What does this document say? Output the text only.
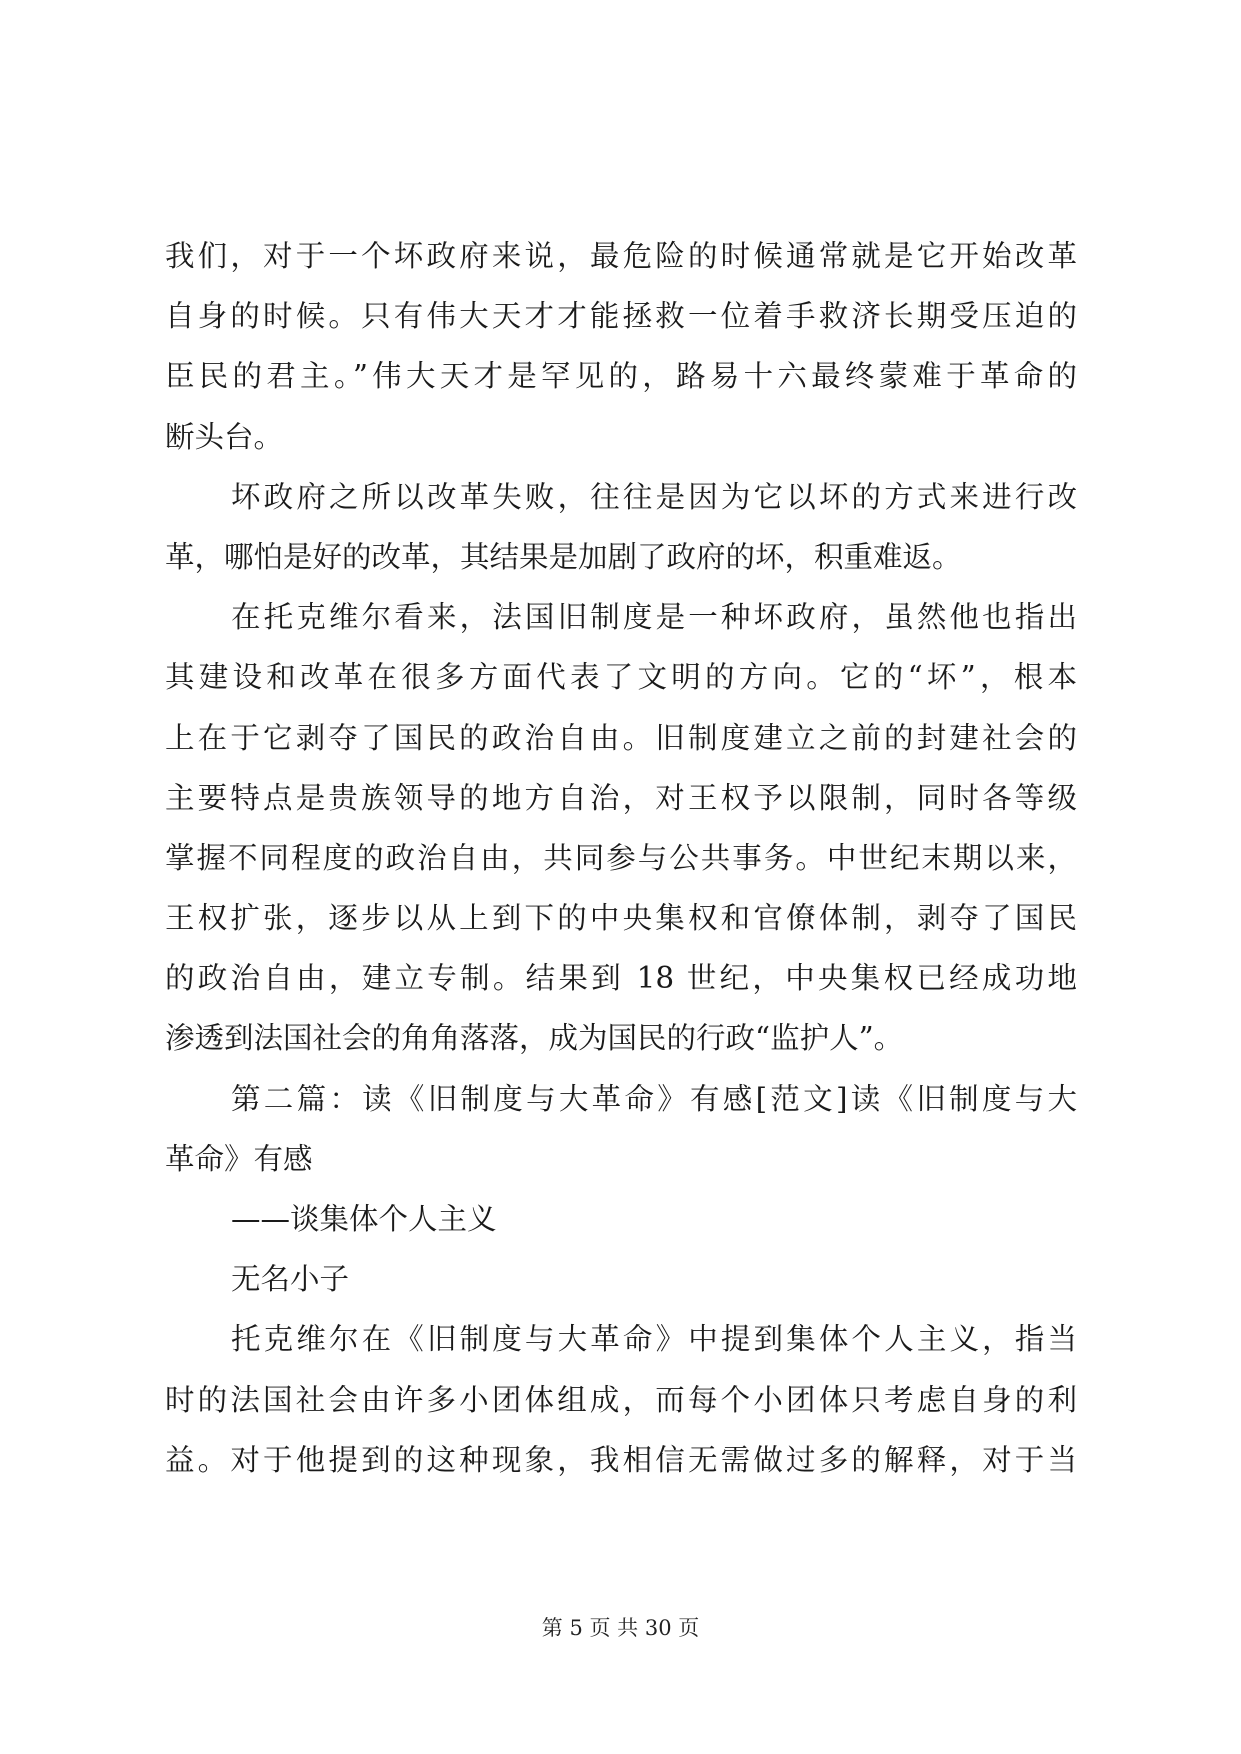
我们，对于一个坏政府来说，最危险的时候通常就是它开始改革
自身的时候。只有伟大天才才能拯救一位着手救济长期受压迫的
臣民的君主。”伟大天才是罕见的，路易十六最终蒙难于革命的
断头台。
坏政府之所以改革失败，往往是因为它以坏的方式来进行改
革，哪怕是好的改革，其结果是加剧了政府的坏，积重难返。
在托克维尔看来，法国旧制度是一种坏政府，虽然他也指出
其建设和改革在很多方面代表了文明的方向。它的“坏”，根本
上在于它剥夺了国民的政治自由。旧制度建立之前的封建社会的
主要特点是贵族领导的地方自治，对王权予以限制，同时各等级
掌握不同程度的政治自由，共同参与公共事务。中世纪末期以来，
王权扩张，逐步以从上到下的中央集权和官僚体制，剥夺了国民
的政治自由，建立专制。结果到 18 世纪，中央集权已经成功地
渗透到法国社会的角角落落，成为国民的行政“监护人”。
第二篇：读《旧制度与大革命》有感[范文]读《旧制度与大
革命》有感
——谈集体个人主义
无名小子
托克维尔在《旧制度与大革命》中提到集体个人主义，指当
时的法国社会由许多小团体组成，而每个小团体只考虑自身的利
益。对于他提到的这种现象，我相信无需做过多的解释，对于当
第 5 页 共 30 页
